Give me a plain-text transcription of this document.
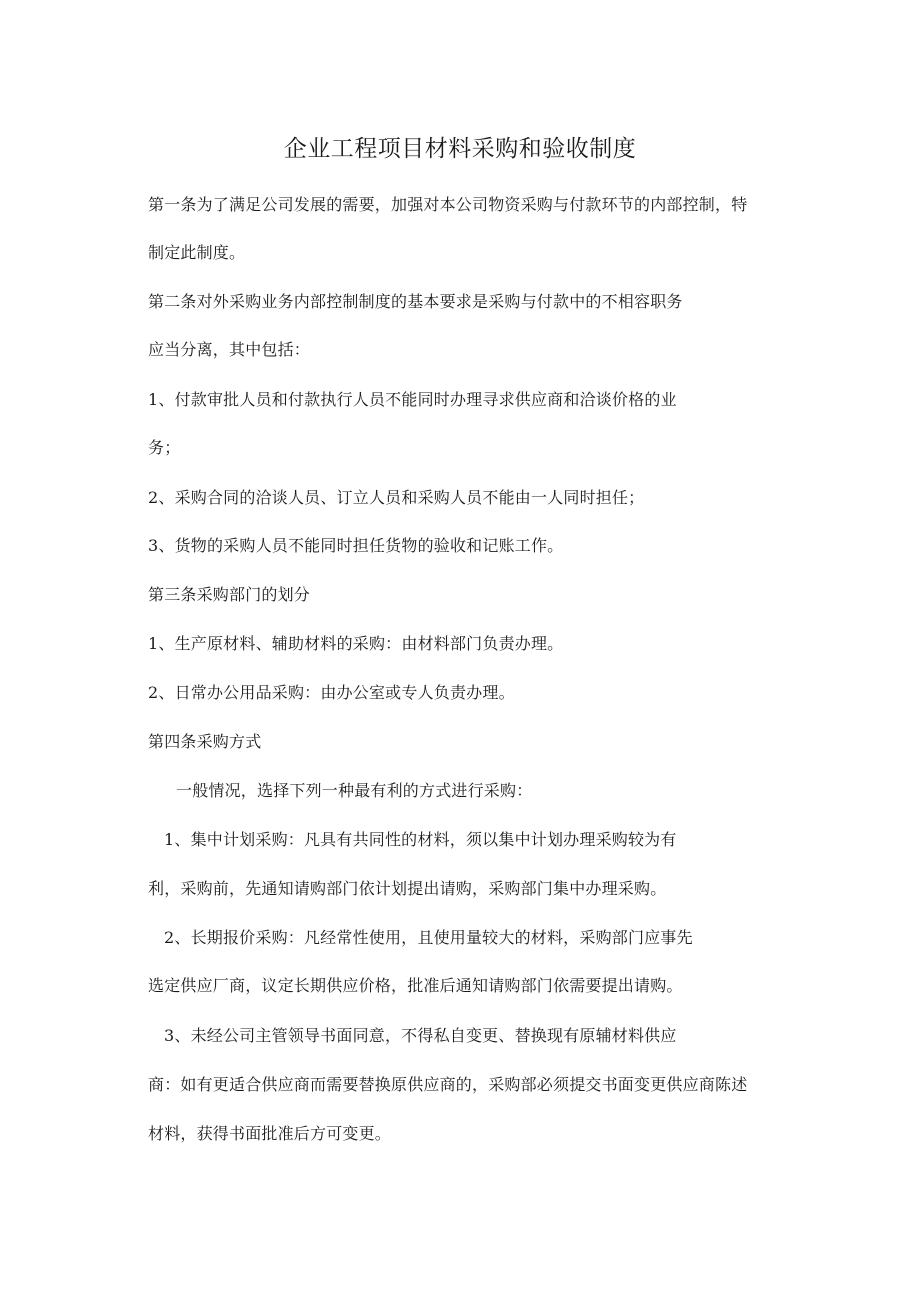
企业工程项目材料采购和验收制度
第一条为了满足公司发展的需要，加强对本公司物资采购与付款环节的内部控制，特
制定此制度。
第二条对外采购业务内部控制制度的基本要求是采购与付款中的不相容职务
应当分离，其中包括：
1、付款审批人员和付款执行人员不能同时办理寻求供应商和洽谈价格的业
务；
2、采购合同的洽谈人员、订立人员和采购人员不能由一人同时担任；
3、货物的采购人员不能同时担任货物的验收和记账工作。
第三条采购部门的划分
1、生产原材料、辅助材料的采购：由材料部门负责办理。
2、日常办公用品采购：由办公室或专人负责办理。
第四条采购方式
一般情况，选择下列一种最有利的方式进行采购：
1、集中计划采购：凡具有共同性的材料，须以集中计划办理采购较为有
利，采购前，先通知请购部门依计划提出请购，采购部门集中办理采购。
2、长期报价采购：凡经常性使用，且使用量较大的材料，采购部门应事先
选定供应厂商，议定长期供应价格，批准后通知请购部门依需要提出请购。
3、未经公司主管领导书面同意，不得私自变更、替换现有原辅材料供应
商：如有更适合供应商而需要替换原供应商的，采购部必须提交书面变更供应商陈述
材料，获得书面批准后方可变更。
